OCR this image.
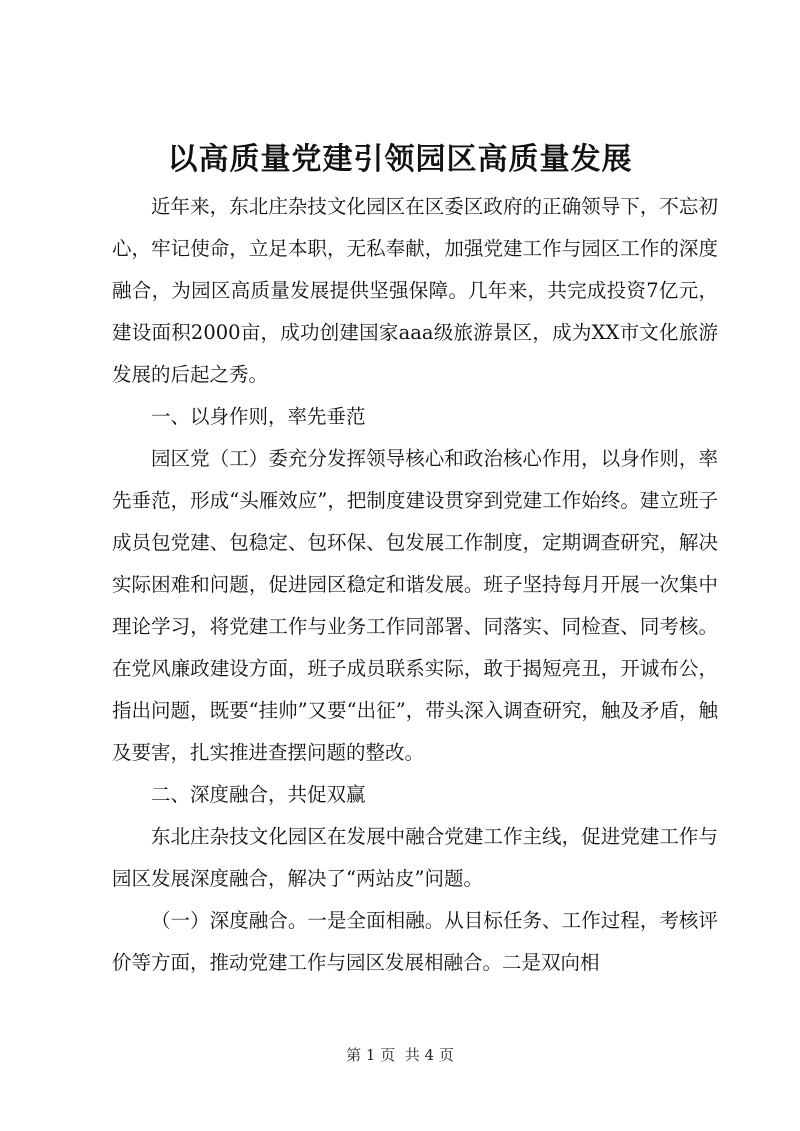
以高质量党建引领园区高质量发展

近年来，东北庄杂技文化园区在区委区政府的正确领导下，不忘初心，牢记使命，立足本职，无私奉献，加强党建工作与园区工作的深度融合，为园区高质量发展提供坚强保障。几年来，共完成投资7亿元，建设面积2000亩，成功创建国家aaa级旅游景区，成为XX市文化旅游发展的后起之秀。

一、以身作则，率先垂范

园区党（工）委充分发挥领导核心和政治核心作用，以身作则，率先垂范，形成“头雁效应”，把制度建设贯穿到党建工作始终。建立班子成员包党建、包稳定、包环保、包发展工作制度，定期调查研究，解决实际困难和问题，促进园区稳定和谐发展。班子坚持每月开展一次集中理论学习，将党建工作与业务工作同部署、同落实、同检查、同考核。在党风廉政建设方面，班子成员联系实际，敢于揭短亮丑，开诚布公，指出问题，既要“挂帅”又要“出征”，带头深入调查研究，触及矛盾，触及要害，扎实推进查摆问题的整改。

二、深度融合，共促双赢

东北庄杂技文化园区在发展中融合党建工作主线，促进党建工作与园区发展深度融合，解决了“两站皮”问题。

（一）深度融合。一是全面相融。从目标任务、工作过程，考核评价等方面，推动党建工作与园区发展相融合。二是双向相

第 1 页  共 4 页
